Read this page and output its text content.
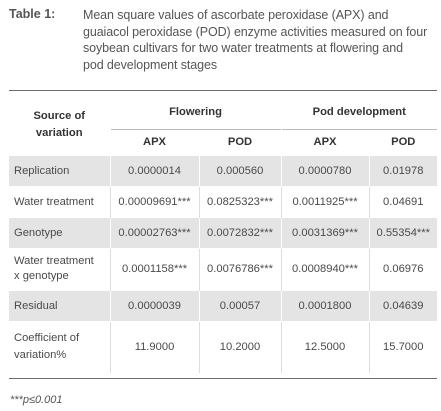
Table 1: Mean square values of ascorbate peroxidase (APX) and
guaiacol peroxidase (POD) enzyme activities measured on four
soybean cultivars for two water treatments at flowering and
pod development stages
Source of
variation	Flowering		Pod development	
	APX	POD	APX	POD
Replication	0.0000014	0.000560	0.0000780	0.01978
Water treatment	0.00009691***	0.0825323***	0.0011925***	0.04691
Genotype	0.00002763***	0.0072832***	0.0031369***	0.55354***

Water treatment
x genotype	0.0001158***	0.0076786***	0.0008940***	0.06976
Residual	0.0000039	0.00057	0.0001800	0.04639

Coefficient of
variation%	11.9000	10.2000	12.5000	15.7000
***p≤0.001
